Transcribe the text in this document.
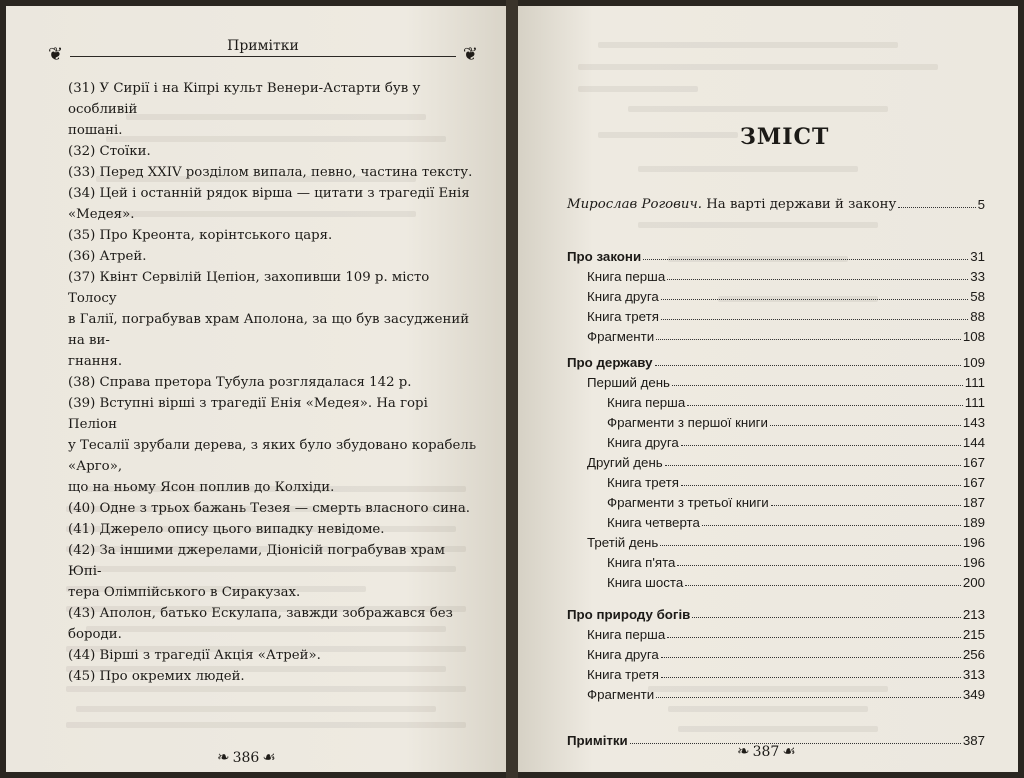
❦	Примітки	❦

(31) У Сирії і на Кіпрі культ Венери-Астарти був у особливій
пошані.

(32) Стоїки.

(33) Перед XXIV розділом випала, певно, частина тексту.

(34) Цей і останній рядок вірша — цитати з трагедії Енія
«Медея».

(35) Про Креонта, корінтського царя.

(36) Атрей.

(37) Квінт Сервілій Цепіон, захопивши 109 р. місто Толосу
в Галії, пограбував храм Аполона, за що був засуджений на ви-
гнання.

(38) Справа претора Тубула розглядалася 142 р.

(39) Вступні вірші з трагедії Енія «Медея». На горі Пеліон
у Тесалії зрубали дерева, з яких було збудовано корабель «Арго»,
що на ньому Ясон поплив до Колхіди.

(40) Одне з трьох бажань Тезея — смерть власного сина.

(41) Джерело опису цього випадку невідоме.

(42) За іншими джерелами, Діонісій пограбував храм Юпі-
тера Олімпійського в Сиракузах.

(43) Аполон, батько Ескулапа, завжди зображався без бороди.

(44) Вірші з трагедії Акція «Атрей».

(45) Про окремих людей.

❧ 386 ☙
ЗМІСТ
Мирослав Рогович. На варті держави й закону	5
Про закони	31
Книга перша	33
Книга друга	58
Книга третя	88
Фрагменти	108
Про державу	109
Перший день	111
Книга перша	111
Фрагменти з першої книги	143
Книга друга	144
Другий день	167
Книга третя	167
Фрагменти з третьої книги	187
Книга четверта	189
Третій день	196
Книга п'ята	196
Книга шоста	200
Про природу богів	213
Книга перша	215
Книга друга	256
Книга третя	313
Фрагменти	349
Примітки	387
❧ 387 ☙
